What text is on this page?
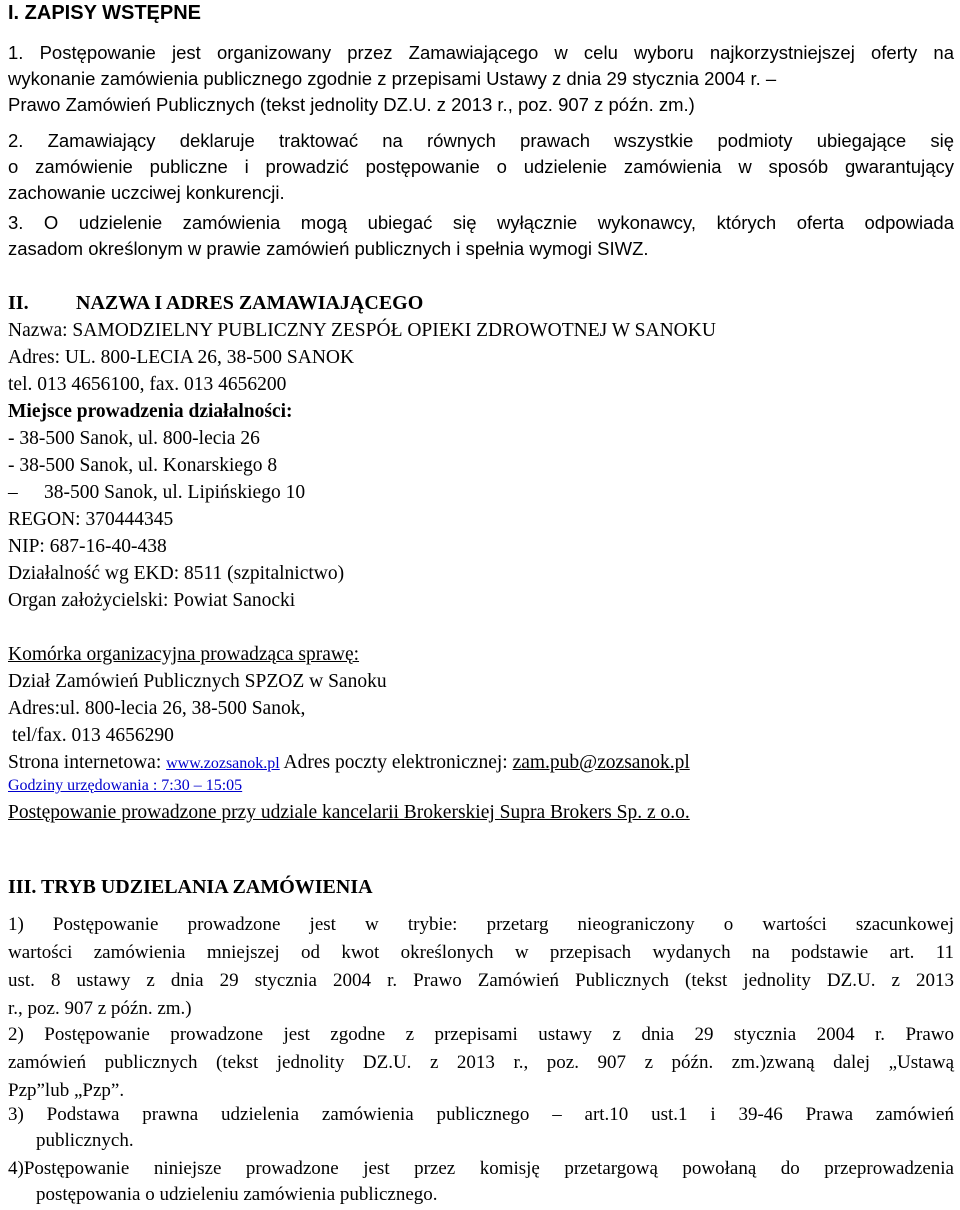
I. ZAPISY WSTĘPNE
1. Postępowanie jest organizowany przez Zamawiającego w celu wyboru najkorzystniejszej oferty na
wykonanie zamówienia publicznego zgodnie z przepisami Ustawy z dnia 29 stycznia 2004 r. –
Prawo Zamówień Publicznych (tekst jednolity DZ.U. z 2013 r., poz. 907 z późn. zm.)
2. Zamawiający deklaruje traktować na równych prawach wszystkie podmioty ubiegające się
o zamówienie publiczne i prowadzić postępowanie o udzielenie zamówienia w sposób gwarantujący
zachowanie uczciwej konkurencji.
3. O udzielenie zamówienia mogą ubiegać się wyłącznie wykonawcy, których oferta odpowiada
zasadom określonym w prawie zamówień publicznych i spełnia wymogi SIWZ.
II. NAZWA I ADRES ZAMAWIAJĄCEGO
Nazwa: SAMODZIELNY PUBLICZNY ZESPÓŁ OPIEKI ZDROWOTNEJ W SANOKU
Adres: UL. 800-LECIA 26, 38-500 SANOK
tel. 013 4656100, fax. 013 4656200
Miejsce prowadzenia działalności:
- 38-500 Sanok, ul. 800-lecia 26
- 38-500 Sanok, ul. Konarskiego 8
– 38-500 Sanok, ul. Lipińskiego 10
REGON: 370444345
NIP: 687-16-40-438
Działalność wg EKD: 8511 (szpitalnictwo)
Organ założycielski: Powiat Sanocki
Komórka organizacyjna prowadząca sprawę:
Dział Zamówień Publicznych SPZOZ w Sanoku
Adres:ul. 800-lecia 26, 38-500 Sanok,
tel/fax. 013 4656290
Strona internetowa: www.zozsanok.pl Adres poczty elektronicznej: zam.pub@zozsanok.pl
Godziny urzędowania : 7:30 – 15:05
Postępowanie prowadzone przy udziale kancelarii Brokerskiej Supra Brokers Sp. z o.o.
III. TRYB UDZIELANIA ZAMÓWIENIA
1) Postępowanie prowadzone jest w trybie: przetarg nieograniczony o wartości szacunkowej
wartości zamówienia mniejszej od kwot określonych w przepisach wydanych na podstawie art. 11
ust. 8 ustawy z dnia 29 stycznia 2004 r. Prawo Zamówień Publicznych (tekst jednolity DZ.U. z 2013
r., poz. 907 z późn. zm.)
2) Postępowanie prowadzone jest zgodne z przepisami ustawy z dnia 29 stycznia 2004 r. Prawo
zamówień publicznych (tekst jednolity DZ.U. z 2013 r., poz. 907 z późn. zm.)zwaną dalej „Ustawą
Pzp”lub „Pzp”.
3) Podstawa prawna udzielenia zamówienia publicznego – art.10 ust.1 i 39-46 Prawa zamówień
publicznych.
4)Postępowanie niniejsze prowadzone jest przez komisję przetargową powołaną do przeprowadzenia
postępowania o udzieleniu zamówienia publicznego.
